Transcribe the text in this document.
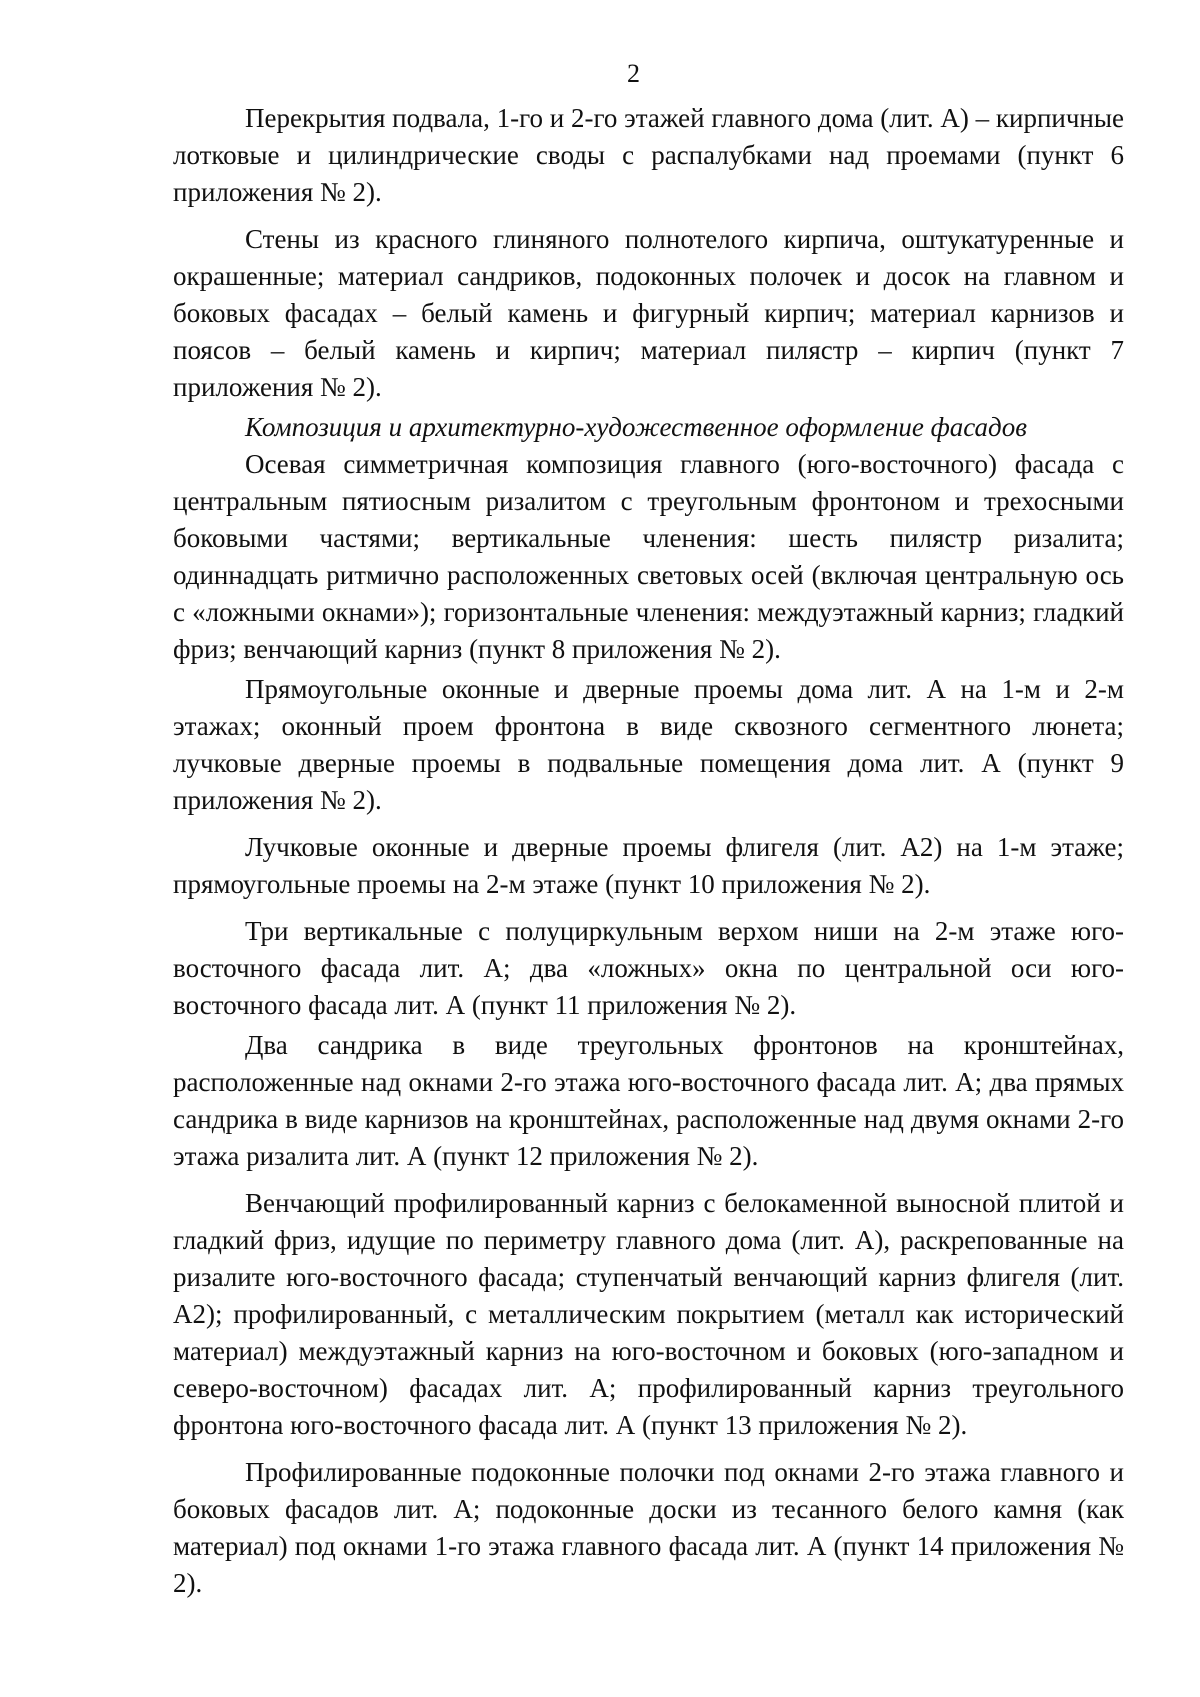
2

Перекрытия подвала, 1-го и 2-го этажей главного дома (лит. А) – кирпичные лотковые и цилиндрические своды с распалубками над проемами (пункт 6 приложения № 2).

Стены из красного глиняного полнотелого кирпича, оштукатуренные и окрашенные; материал сандриков, подоконных полочек и досок на главном и боковых фасадах – белый камень и фигурный кирпич; материал карнизов и поясов – белый камень и кирпич; материал пилястр – кирпич (пункт 7 приложения № 2).

Композиция и архитектурно-художественное оформление фасадов

Осевая симметричная композиция главного (юго-восточного) фасада с центральным пятиосным ризалитом с треугольным фронтоном и трехосными боковыми частями; вертикальные членения: шесть пилястр ризалита; одиннадцать ритмично расположенных световых осей (включая центральную ось с «ложными окнами»); горизонтальные членения: междуэтажный карниз; гладкий фриз; венчающий карниз (пункт 8 приложения № 2).

Прямоугольные оконные и дверные проемы дома лит. А на 1-м и 2-м этажах; оконный проем фронтона в виде сквозного сегментного люнета; лучковые дверные проемы в подвальные помещения дома лит. А (пункт 9 приложения № 2).

Лучковые оконные и дверные проемы флигеля (лит. А2) на 1-м этаже; прямоугольные проемы на 2-м этаже (пункт 10 приложения № 2).

Три вертикальные с полуциркульным верхом ниши на 2-м этаже юго-восточного фасада лит. А; два «ложных» окна по центральной оси юго-восточного фасада лит. А (пункт 11 приложения № 2).

Два сандрика в виде треугольных фронтонов на кронштейнах, расположенные над окнами 2-го этажа юго-восточного фасада лит. А; два прямых сандрика в виде карнизов на кронштейнах, расположенные над двумя окнами 2-го этажа ризалита лит. А (пункт 12 приложения № 2).

Венчающий профилированный карниз с белокаменной выносной плитой и гладкий фриз, идущие по периметру главного дома (лит. А), раскрепованные на ризалите юго-восточного фасада; ступенчатый венчающий карниз флигеля (лит. А2); профилированный, с металлическим покрытием (металл как исторический материал) междуэтажный карниз на юго-восточном и боковых (юго-западном и северо-восточном) фасадах лит. А; профилированный карниз треугольного фронтона юго-восточного фасада лит. А (пункт 13 приложения № 2).

Профилированные подоконные полочки под окнами 2-го этажа главного и боковых фасадов лит. А; подоконные доски из тесанного белого камня (как материал) под окнами 1-го этажа главного фасада лит. А (пункт 14 приложения № 2).
